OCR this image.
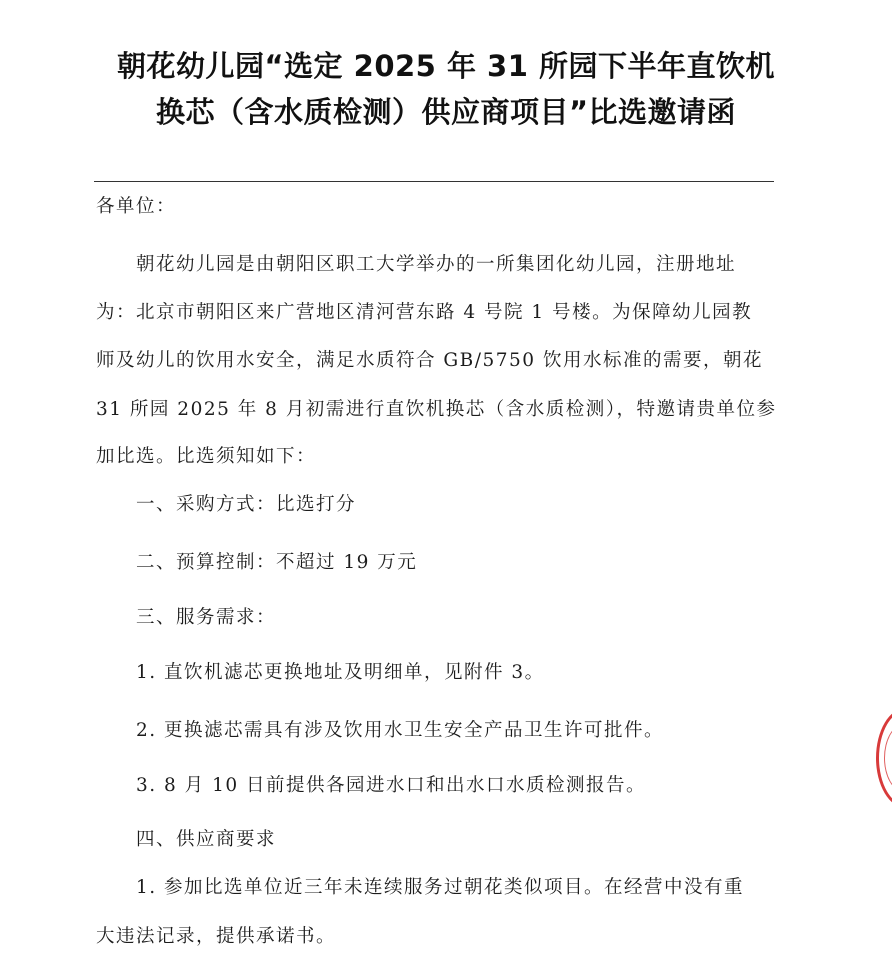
朝花幼儿园“选定 2025 年 31 所园下半年直饮机
换芯（含水质检测）供应商项目”比选邀请函
各单位：
朝花幼儿园是由朝阳区职工大学举办的一所集团化幼儿园，注册地址
为：北京市朝阳区来广营地区清河营东路 4 号院 1 号楼。为保障幼儿园教
师及幼儿的饮用水安全，满足水质符合 GB/5750 饮用水标准的需要，朝花
31 所园 2025 年 8 月初需进行直饮机换芯（含水质检测），特邀请贵单位参
加比选。比选须知如下：
一、采购方式：比选打分
二、预算控制：不超过 19 万元
三、服务需求：
1. 直饮机滤芯更换地址及明细单，见附件 3。
2. 更换滤芯需具有涉及饮用水卫生安全产品卫生许可批件。
3. 8 月 10 日前提供各园进水口和出水口水质检测报告。
四、供应商要求
1. 参加比选单位近三年未连续服务过朝花类似项目。在经营中没有重
大违法记录，提供承诺书。
